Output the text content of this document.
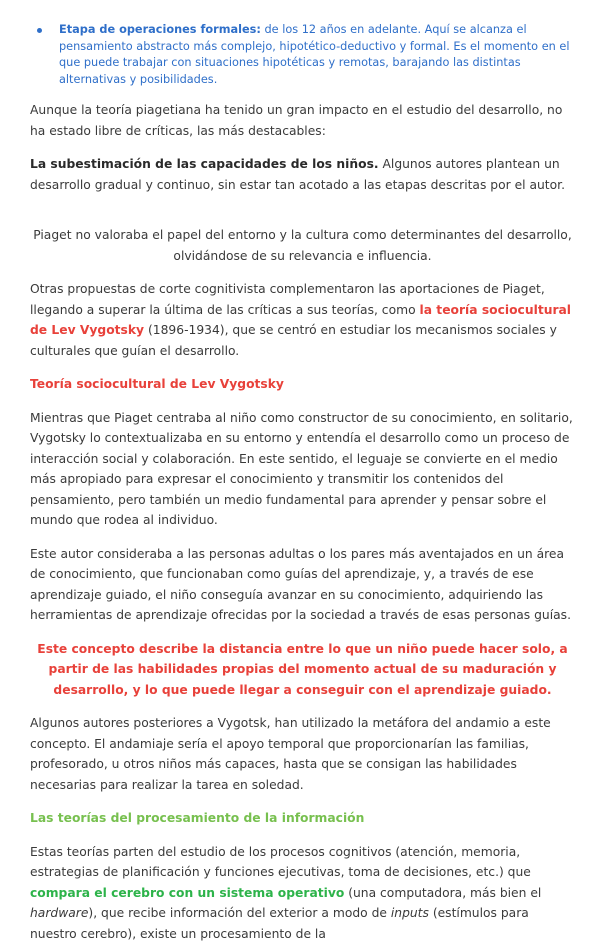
Etapa de operaciones formales: de los 12 años en adelante. Aquí se alcanza el pensamiento abstracto más complejo, hipotético-deductivo y formal. Es el momento en el que puede trabajar con situaciones hipotéticas y remotas, barajando las distintas alternativas y posibilidades.

Aunque la teoría piagetiana ha tenido un gran impacto en el estudio del desarrollo, no ha estado libre de críticas, las más destacables:

La subestimación de las capacidades de los niños. Algunos autores plantean un desarrollo gradual y continuo, sin estar tan acotado a las etapas descritas por el autor.

Piaget no valoraba el papel del entorno y la cultura como determinantes del desarrollo, olvidándose de su relevancia e influencia.

Otras propuestas de corte cognitivista complementaron las aportaciones de Piaget, llegando a superar la última de las críticas a sus teorías, como la teoría sociocultural de Lev Vygotsky (1896-1934), que se centró en estudiar los mecanismos sociales y culturales que guían el desarrollo.

Teoría sociocultural de Lev Vygotsky

Mientras que Piaget centraba al niño como constructor de su conocimiento, en solitario, Vygotsky lo contextualizaba en su entorno y entendía el desarrollo como un proceso de interacción social y colaboración. En este sentido, el leguaje se convierte en el medio más apropiado para expresar el conocimiento y transmitir los contenidos del pensamiento, pero también un medio fundamental para aprender y pensar sobre el mundo que rodea al individuo.

Este autor consideraba a las personas adultas o los pares más aventajados en un área de conocimiento, que funcionaban como guías del aprendizaje, y, a través de ese aprendizaje guiado, el niño conseguía avanzar en su conocimiento, adquiriendo las herramientas de aprendizaje ofrecidas por la sociedad a través de esas personas guías.

Este concepto describe la distancia entre lo que un niño puede hacer solo, a partir de las habilidades propias del momento actual de su maduración y desarrollo, y lo que puede llegar a conseguir con el aprendizaje guiado.

Algunos autores posteriores a Vygotsk, han utilizado la metáfora del andamio a este concepto. El andamiaje sería el apoyo temporal que proporcionarían las familias, profesorado, u otros niños más capaces, hasta que se consigan las habilidades necesarias para realizar la tarea en soledad.

Las teorías del procesamiento de la información

Estas teorías parten del estudio de los procesos cognitivos (atención, memoria, estrategias de planificación y funciones ejecutivas, toma de decisiones, etc.) que compara el cerebro con un sistema operativo (una computadora, más bien el hardware), que recibe información del exterior a modo de inputs (estímulos para nuestro cerebro), existe un procesamiento de la
